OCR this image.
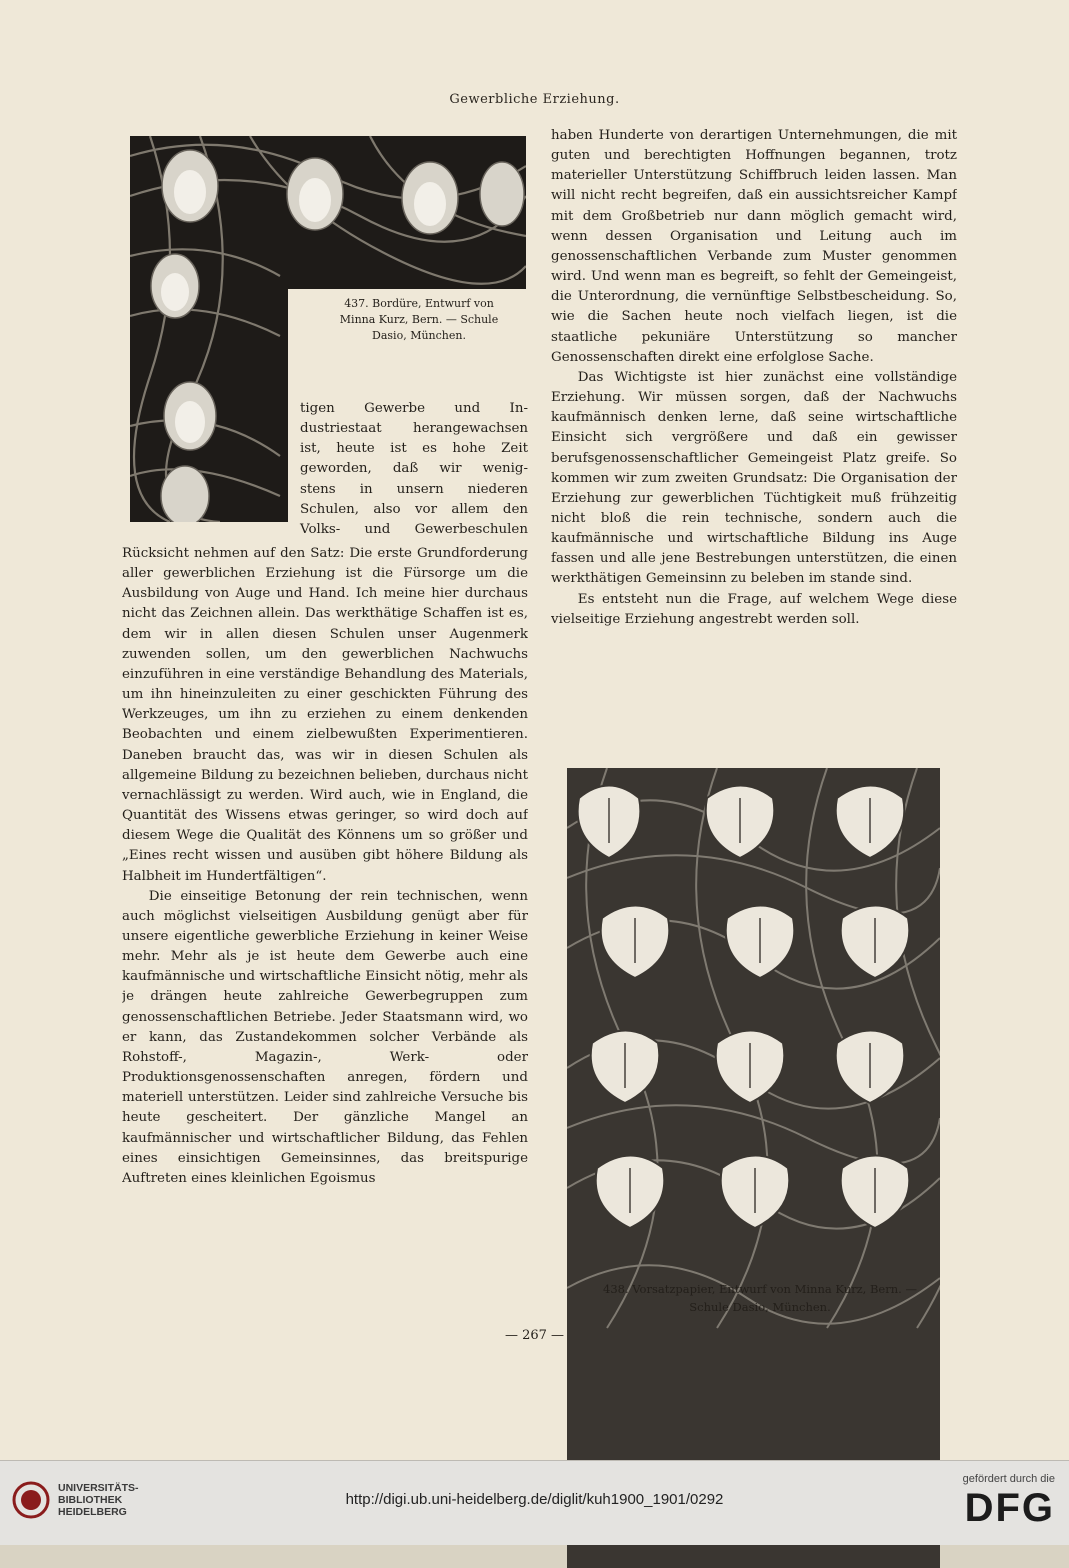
Gewerbliche Erziehung.
437. Bordüre, Entwurf von
Minna Kurz, Bern. — Schule
Dasio, München.
tigen Gewerbe und In-
dustriestaat herangewachsen
ist, heute ist es hohe Zeit
geworden, daß wir wenig-
stens in unsern niederen
Schulen, also vor allem den
Volks- und Gewerbeschulen

Rücksicht nehmen auf den Satz: Die erste Grundforderung aller gewerblichen Erziehung ist die Fürsorge um die Ausbildung von Auge und Hand. Ich meine hier durchaus nicht das Zeichnen allein. Das werkthätige Schaffen ist es, dem wir in allen diesen Schulen unser Augenmerk zuwenden sollen, um den gewerblichen Nachwuchs einzuführen in eine verständige Behandlung des Materials, um ihn hineinzuleiten zu einer geschickten Führung des Werkzeuges, um ihn zu erziehen zu einem denkenden Beobachten und einem zielbewußten Experimentieren. Daneben braucht das, was wir in diesen Schulen als allgemeine Bildung zu bezeichnen belieben, durchaus nicht vernachlässigt zu werden. Wird auch, wie in England, die Quantität des Wissens etwas geringer, so wird doch auf diesem Wege die Qualität des Könnens um so größer und „Eines recht wissen und ausüben gibt höhere Bildung als Halbheit im Hundertfältigen“.

Die einseitige Betonung der rein technischen, wenn auch möglichst vielseitigen Ausbildung genügt aber für unsere eigentliche gewerbliche Erziehung in keiner Weise mehr. Mehr als je ist heute dem Gewerbe auch eine kaufmännische und wirtschaftliche Einsicht nötig, mehr als je drängen heute zahlreiche Gewerbegruppen zum genossenschaftlichen Betriebe. Jeder Staatsmann wird, wo er kann, das Zustandekommen solcher Verbände als Rohstoff-, Magazin-, Werk- oder Produktionsgenossenschaften anregen, fördern und materiell unterstützen. Leider sind zahlreiche Versuche bis heute gescheitert. Der gänzliche Mangel an kaufmännischer und wirtschaftlicher Bildung, das Fehlen eines einsichtigen Gemeinsinnes, das breitspurige Auftreten eines kleinlichen Egoismus

haben Hunderte von derartigen Unternehmungen, die mit guten und berechtigten Hoffnungen begannen, trotz materieller Unterstützung Schiffbruch leiden lassen. Man will nicht recht begreifen, daß ein aussichtsreicher Kampf mit dem Großbetrieb nur dann möglich gemacht wird, wenn dessen Organisation und Leitung auch im genossenschaftlichen Verbande zum Muster genommen wird. Und wenn man es begreift, so fehlt der Gemeingeist, die Unterordnung, die vernünftige Selbstbescheidung. So, wie die Sachen heute noch vielfach liegen, ist die staatliche pekuniäre Unterstützung so mancher Genossenschaften direkt eine erfolglose Sache.

Das Wichtigste ist hier zunächst eine vollständige Erziehung. Wir müssen sorgen, daß der Nachwuchs kaufmännisch denken lerne, daß seine wirtschaftliche Einsicht sich vergrößere und daß ein gewisser berufsgenossenschaftlicher Gemeingeist Platz greife. So kommen wir zum zweiten Grundsatz: Die Organisation der Erziehung zur gewerblichen Tüchtigkeit muß frühzeitig nicht bloß die rein technische, sondern auch die kaufmännische und wirtschaftliche Bildung ins Auge fassen und alle jene Bestrebungen unterstützen, die einen werkthätigen Gemeinsinn zu beleben im stande sind.

Es entsteht nun die Frage, auf welchem Wege diese vielseitige Erziehung angestrebt werden soll.

438. Vorsatzpapier, Entwurf von Minna Kurz, Bern. —
Schule Dasio, München.
— 267 —
UNIVERSITÄTS-
BIBLIOTHEK
HEIDELBERG
http://digi.ub.uni-heidelberg.de/diglit/kuh1900_1901/0292
gefördert durch die
DFG
